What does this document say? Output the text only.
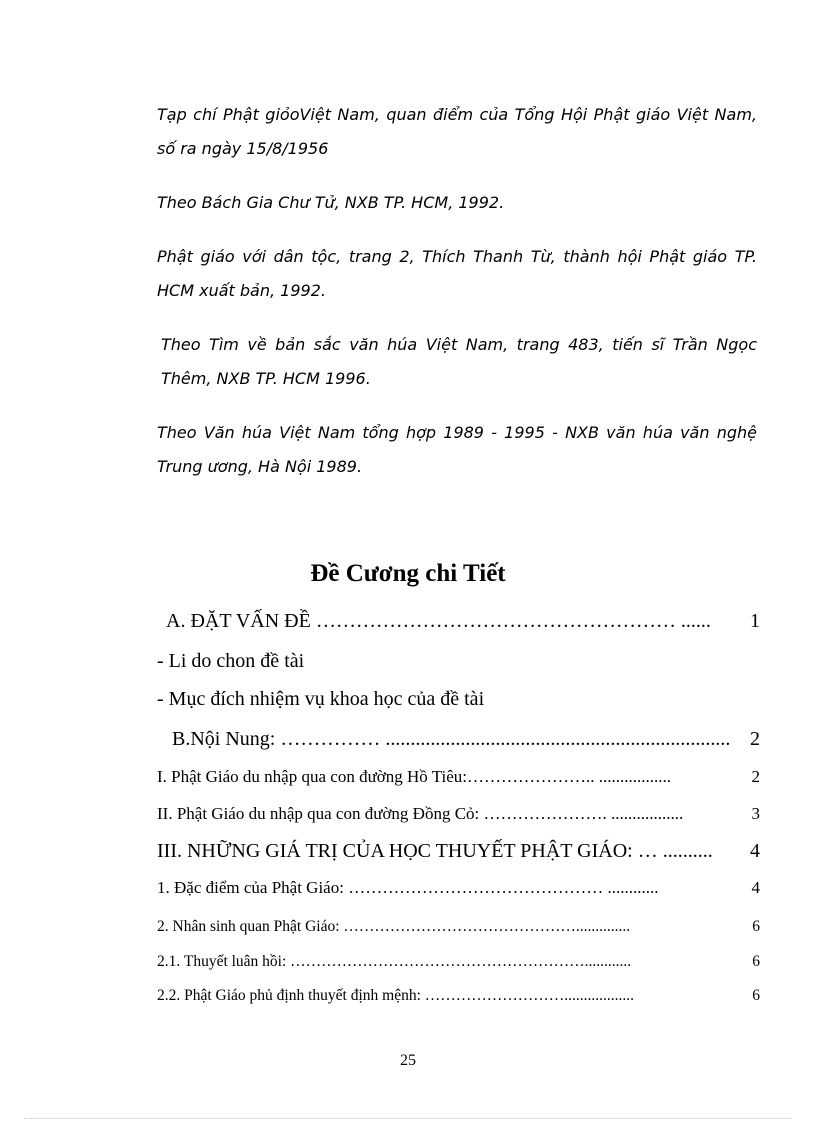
Tạp chí Phật giỏoViệt Nam, quan điểm của Tổng Hội Phật giáo Việt Nam, số ra ngày 15/8/1956
Theo Bách Gia Chư Tử, NXB TP. HCM, 1992.
Phật giáo với dân tộc, trang 2, Thích Thanh Từ, thành hội Phật giáo TP. HCM xuất bản, 1992.
Theo Tìm về bản sắc văn húa Việt Nam, trang 483, tiến sĩ Trần Ngọc Thêm, NXB TP. HCM 1996.
Theo Văn húa Việt Nam tổng hợp 1989 - 1995 - NXB văn húa văn nghệ Trung ương, Hà Nội 1989.
Đề Cương chi Tiết
A. ĐẶT VẤN ĐỀ ……………………………………………… ...... 1
- Li do chon đề tài
- Mục đích nhiệm vụ khoa học của đề tài
B.Nội Nung: …………… ..................................................................... 2
I. Phật Giáo du nhập qua con đường Hồ Tiêu:………………….. .................	2
II. Phật Giáo du nhập qua con đường Đồng Cỏ: …………………. .................	3
III. NHỮNG GIÁ TRỊ CỦA HỌC THUYẾT PHẬT GIÁO: … .......... 4
1. Đặc điểm của Phật Giáo: ……………………………………… ............	4
2. Nhân sinh quan Phật Giáo: ………………………………………..............	6
2.1. Thuyết luân hồi: …………………………………………………............	6
2.2. Phật Giáo phủ định thuyết định mệnh: ………………………..................	6
25
